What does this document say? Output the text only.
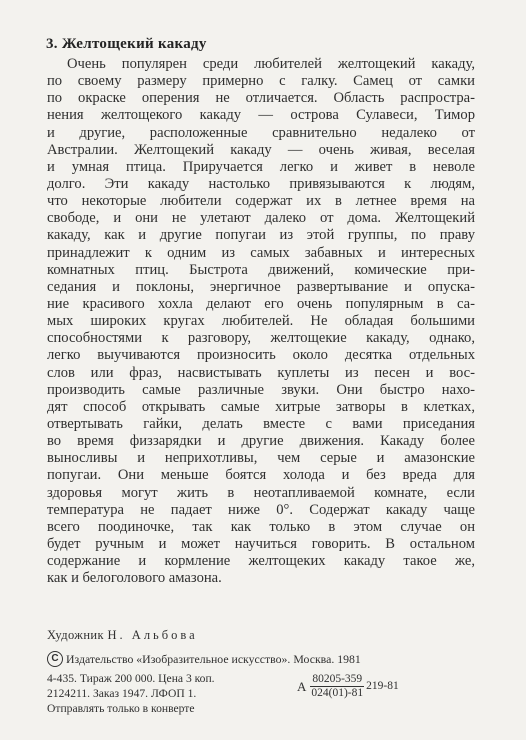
3. Желтощекий какаду
Очень популярен среди любителей желтощекий какаду,
по своему размеру примерно с галку. Самец от самки
по окраске оперения не отличается. Область распростра-
нения желтощекого какаду — острова Сулавеси, Тимор
и другие, расположенные сравнительно недалеко от
Австралии. Желтощекий какаду — очень живая, веселая
и умная птица. Приручается легко и живет в неволе
долго. Эти какаду настолько привязываются к людям,
что некоторые любители содержат их в летнее время на
свободе, и они не улетают далеко от дома. Желтощекий
какаду, как и другие попугаи из этой группы, по праву
принадлежит к одним из самых забавных и интересных
комнатных птиц. Быстрота движений, комические при-
седания и поклоны, энергичное развертывание и опуска-
ние красивого хохла делают его очень популярным в са-
мых широких кругах любителей. Не обладая большими
способностями к разговору, желтощекие какаду, однако,
легко выучиваются произносить около десятка отдельных
слов или фраз, насвистывать куплеты из песен и вос-
производить самые различные звуки. Они быстро нахо-
дят способ открывать самые хитрые затворы в клетках,
отвертывать гайки, делать вместе с вами приседания
во время физзарядки и другие движения. Какаду более
выносливы и неприхотливы, чем серые и амазонские
попугаи. Они меньше боятся холода и без вреда для
здоровья могут жить в неотапливаемой комнате, если
температура не падает ниже 0°. Содержат какаду чаще
всего поодиночке, так как только в этом случае он
будет ручным и может научиться говорить. В остальном
содержание и кормление желтощеких какаду такое же,
как и белоголового амазона.
Художник Н. Альбова
С Издательство «Изобразительное искусство». Москва. 1981
4-435. Тираж 200 000. Цена 3 коп.
2124211. Заказ 1947. ЛФОП 1.
Отправлять только в конверте
А $\frac{80205-359}{024(01)-81} 219-81$
